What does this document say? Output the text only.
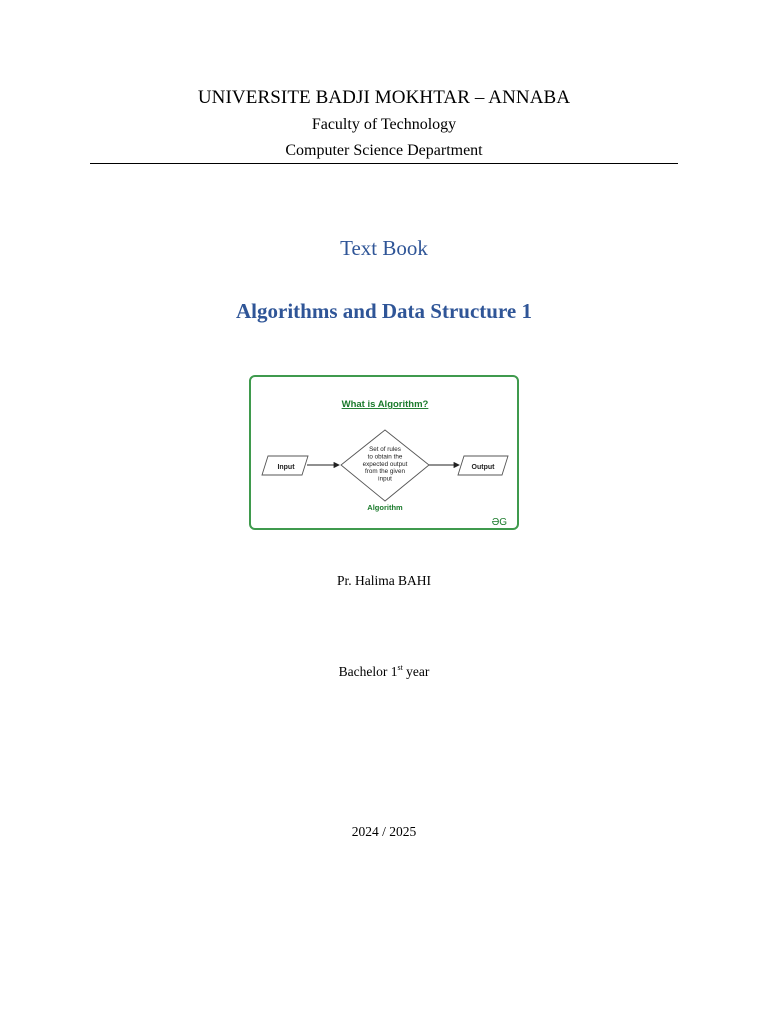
UNIVERSITE BADJI MOKHTAR – ANNABA
Faculty of Technology
Computer Science Department
Text Book
Algorithms and Data Structure 1
What is Algorithm?
Input
Set of rules to obtain the expected output from the given input
Output
Algorithm
ƏG
Pr. Halima BAHI
Bachelor 1st year
2024 / 2025
